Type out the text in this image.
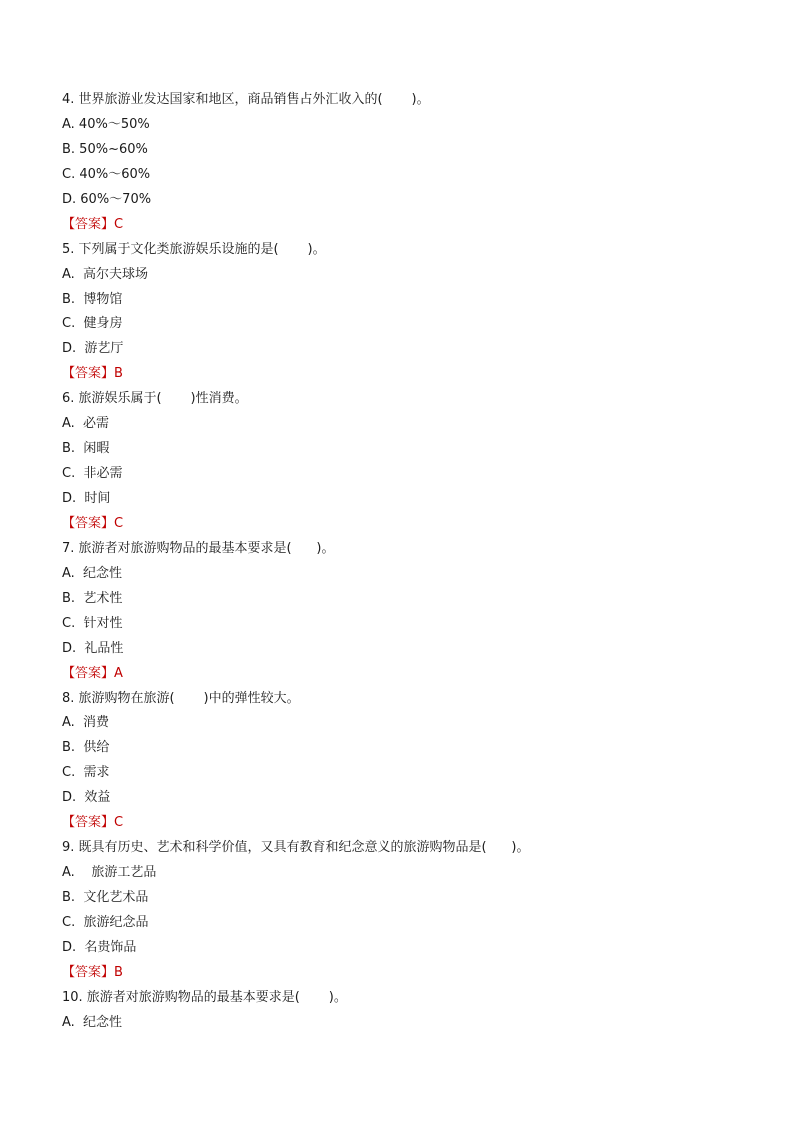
4. 世界旅游业发达国家和地区，商品销售占外汇收入的(       )。
A. 40%～50%
B. 50%~60%
C. 40%～60%
D. 60%～70%
【答案】C
5. 下列属于文化类旅游娱乐设施的是(       )。
A.  高尔夫球场
B.  博物馆
C.  健身房
D.  游艺厅
【答案】B
6. 旅游娱乐属于(       )性消费。
A.  必需
B.  闲暇
C.  非必需
D.  时间
【答案】C
7. 旅游者对旅游购物品的最基本要求是(      )。
A.  纪念性
B.  艺术性
C.  针对性
D.  礼品性
【答案】A
8. 旅游购物在旅游(       )中的弹性较大。
A.  消费
B.  供给
C.  需求
D.  效益
【答案】C
9. 既具有历史、艺术和科学价值，又具有教育和纪念意义的旅游购物品是(      )。
A.    旅游工艺品
B.  文化艺术品
C.  旅游纪念品
D.  名贵饰品
【答案】B
10. 旅游者对旅游购物品的最基本要求是(       )。
A.  纪念性
